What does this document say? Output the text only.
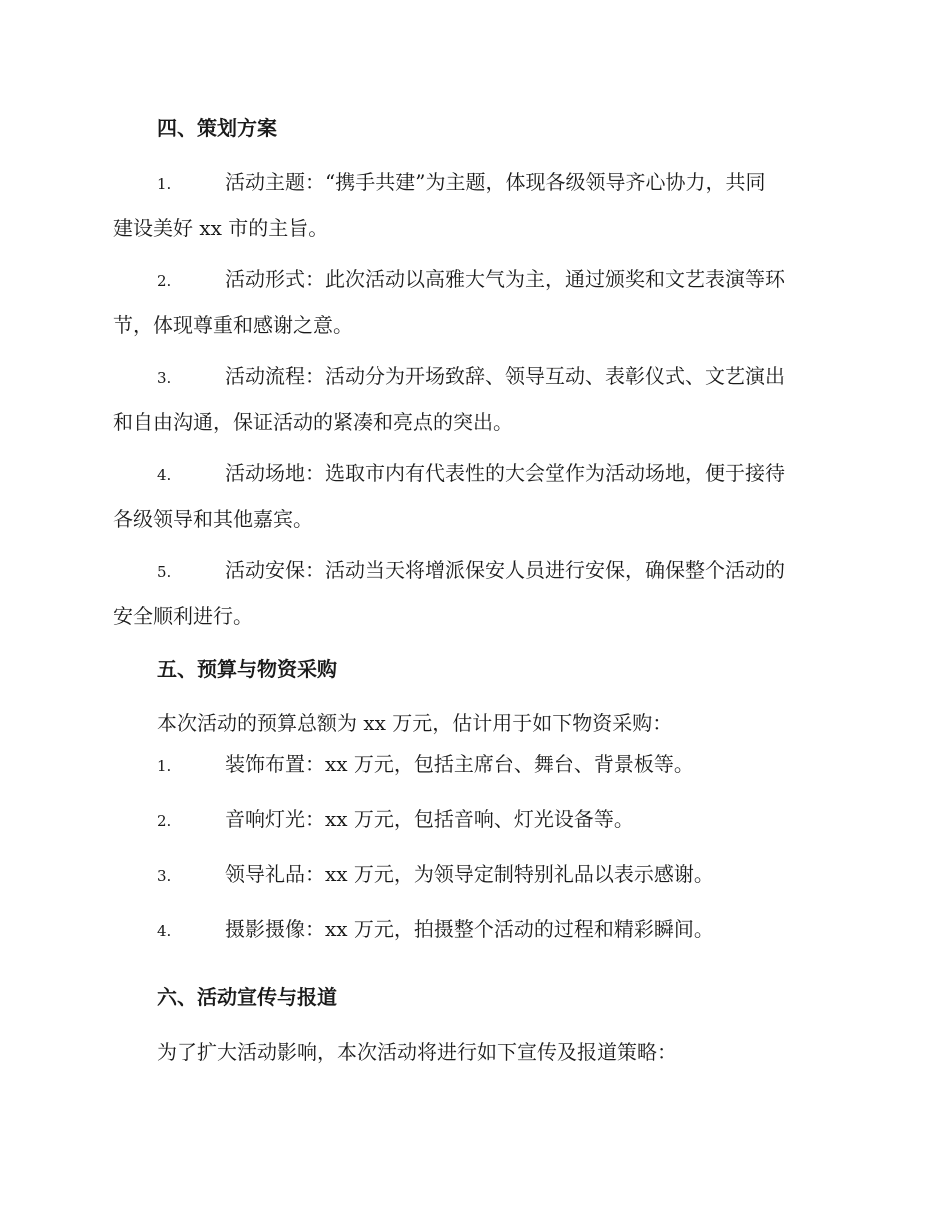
四、策划方案
1.	活动主题：“携手共建”为主题，体现各级领导齐心协力，共同
建设美好 xx 市的主旨。
2.	活动形式：此次活动以高雅大气为主，通过颁奖和文艺表演等环
节，体现尊重和感谢之意。
3.	活动流程：活动分为开场致辞、领导互动、表彰仪式、文艺演出
和自由沟通，保证活动的紧凑和亮点的突出。
4.	活动场地：选取市内有代表性的大会堂作为活动场地，便于接待
各级领导和其他嘉宾。
5.	活动安保：活动当天将增派保安人员进行安保，确保整个活动的
安全顺利进行。
五、预算与物资采购
本次活动的预算总额为 xx 万元，估计用于如下物资采购：
1.	装饰布置：xx 万元，包括主席台、舞台、背景板等。
2.	音响灯光：xx 万元，包括音响、灯光设备等。
3.	领导礼品：xx 万元，为领导定制特别礼品以表示感谢。
4.	摄影摄像：xx 万元，拍摄整个活动的过程和精彩瞬间。
六、活动宣传与报道
为了扩大活动影响，本次活动将进行如下宣传及报道策略：
